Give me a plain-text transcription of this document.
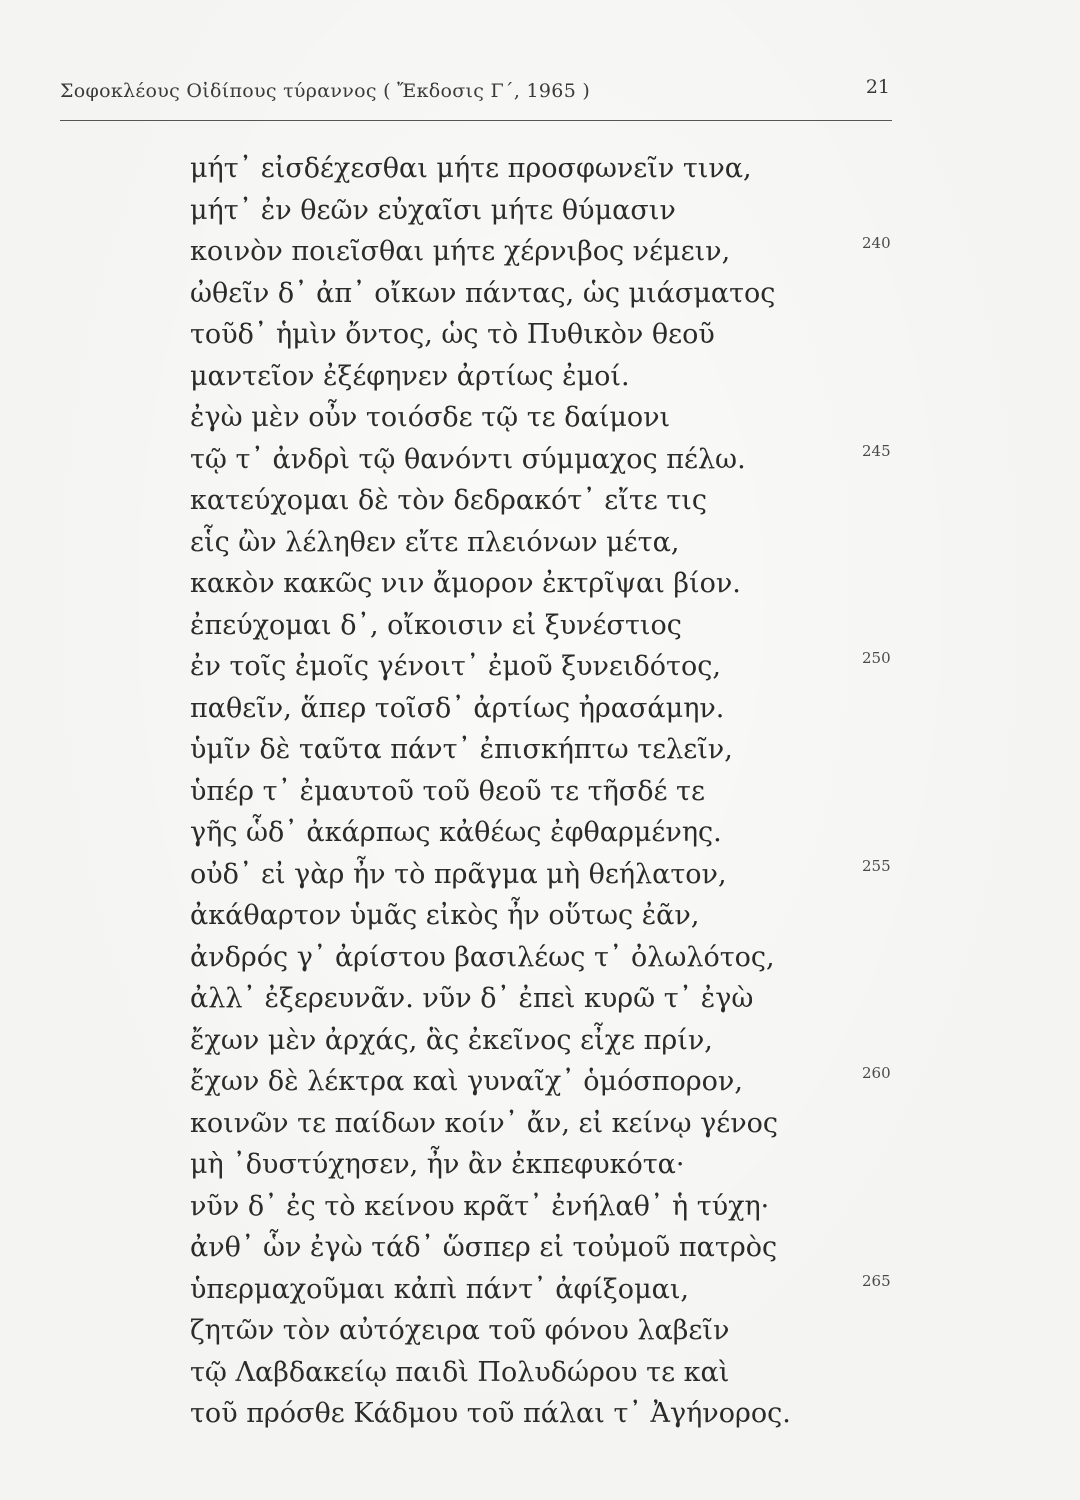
Σοφοκλέους Οἰδίπους τύραννος ( Ἔκδοσις Γ΄, 1965 )	21
μήτ᾽ εἰσδέχεσθαι μήτε προσφωνεῖν τινα,
μήτ᾽ ἐν θεῶν εὐχαῖσι μήτε θύμασιν
κοινὸν ποιεῖσθαι μήτε χέρνιβος νέμειν,	240
ὠθεῖν δ᾽ ἀπ᾽ οἴκων πάντας, ὡς μιάσματος
τοῦδ᾽ ἡμὶν ὄντος, ὡς τὸ Πυθικὸν θεοῦ
μαντεῖον ἐξέφηνεν ἀρτίως ἐμοί.
ἐγὼ μὲν οὖν τοιόσδε τῷ τε δαίμονι
τῷ τ᾽ ἀνδρὶ τῷ θανόντι σύμμαχος πέλω.	245
κατεύχομαι δὲ τὸν δεδρακότ᾽ εἴτε τις
εἷς ὢν λέληθεν εἴτε πλειόνων μέτα,
κακὸν κακῶς νιν ἄμορον ἐκτρῖψαι βίον.
ἐπεύχομαι δ᾽, οἴκοισιν εἰ ξυνέστιος
ἐν τοῖς ἐμοῖς γένοιτ᾽ ἐμοῦ ξυνειδότος,	250
παθεῖν, ἅπερ τοῖσδ᾽ ἀρτίως ἠρασάμην.
ὑμῖν δὲ ταῦτα πάντ᾽ ἐπισκήπτω τελεῖν,
ὑπέρ τ᾽ ἐμαυτοῦ τοῦ θεοῦ τε τῆσδέ τε
γῆς ὧδ᾽ ἀκάρπως κἀθέως ἐφθαρμένης.
οὐδ᾽ εἰ γὰρ ἦν τὸ πρᾶγμα μὴ θεήλατον,	255
ἀκάθαρτον ὑμᾶς εἰκὸς ἦν οὕτως ἐᾶν,
ἀνδρός γ᾽ ἀρίστου βασιλέως τ᾽ ὀλωλότος,
ἀλλ᾽ ἐξερευνᾶν. νῦν δ᾽ ἐπεὶ κυρῶ τ᾽ ἐγὼ
ἔχων μὲν ἀρχάς, ἃς ἐκεῖνος εἶχε πρίν,
ἔχων δὲ λέκτρα καὶ γυναῖχ᾽ ὁμόσπορον,	260
κοινῶν τε παίδων κοίν᾽ ἄν, εἰ κείνῳ γένος
μὴ ᾽δυστύχησεν, ἦν ἂν ἐκπεφυκότα·
νῦν δ᾽ ἐς τὸ κείνου κρᾶτ᾽ ἐνήλαθ᾽ ἡ τύχη·
ἀνθ᾽ ὧν ἐγὼ τάδ᾽ ὥσπερ εἰ τοὐμοῦ πατρὸς
ὑπερμαχοῦμαι κἀπὶ πάντ᾽ ἀφίξομαι,	265
ζητῶν τὸν αὐτόχειρα τοῦ φόνου λαβεῖν
τῷ Λαβδακείῳ παιδὶ Πολυδώρου τε καὶ
τοῦ πρόσθε Κάδμου τοῦ πάλαι τ᾽ Ἀγήνορος.
